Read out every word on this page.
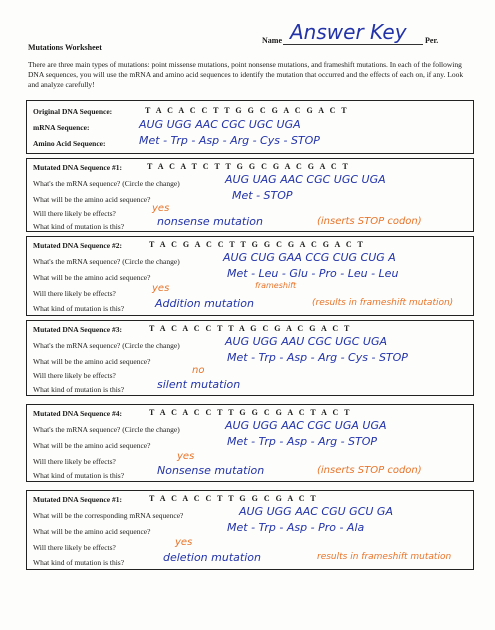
Answer Key
Name	Per.
Mutations Worksheet
There are three main types of mutations: point missense mutations, point nonsense mutations, and frameshift mutations. In each of the following DNA sequences, you will use the mRNA and amino acid sequences to identify the mutation that occurred and the effects of each on, if any. Look and analyze carefully!
Original DNA Sequence:	T A C A C C T T G G C G A C G A C T
mRNA Sequence:	AUG UGG AAC CGC UGC UGA
Amino Acid Sequence:	Met - Trp - Asp - Arg - Cys - STOP
Mutated DNA Sequence #1:	T A C A T C T T G G C G A C G A C T
What's the mRNA sequence? (Circle the change)	AUG UAG AAC CGC UGC UGA
What will be the amino acid sequence?	Met - STOP
Will there likely be effects?	yes
What kind of mutation is this?	nonsense mutation	(inserts STOP codon)
Mutated DNA Sequence #2:	T A C G A C C T T G G C G A C G A C T
What's the mRNA sequence? (Circle the change)	AUG CUG GAA CCG CUG CUG A
What will be the amino acid sequence?	Met - Leu - Glu - Pro - Leu - Leu
Will there likely be effects?	yes	frameshift
What kind of mutation is this?	Addition mutation	(results in frameshift mutation)
Mutated DNA Sequence #3:	T A C A C C T T A G C G A C G A C T
What's the mRNA sequence? (Circle the change)	AUG UGG AAU CGC UGC UGA
What will be the amino acid sequence?	Met - Trp - Asp - Arg - Cys - STOP
Will there likely be effects?	no
What kind of mutation is this?	silent mutation
Mutated DNA Sequence #4:	T A C A C C T T G G C G A C T A C T
What's the mRNA sequence? (Circle the change)	AUG UGG AAC CGC UGA UGA
What will be the amino acid sequence?	Met - Trp - Asp - Arg - STOP
Will there likely be effects?	yes
What kind of mutation is this?	Nonsense mutation	(inserts STOP codon)
Mutated DNA Sequence #1:	T A C A C C T T G G C G A C T
What will be the corresponding mRNA sequence?	AUG UGG AAC CGU GCU GA
What will be the amino acid sequence?	Met - Trp - Asp - Pro - Ala
Will there likely be effects?	yes
What kind of mutation is this?	deletion mutation	results in frameshift mutation
